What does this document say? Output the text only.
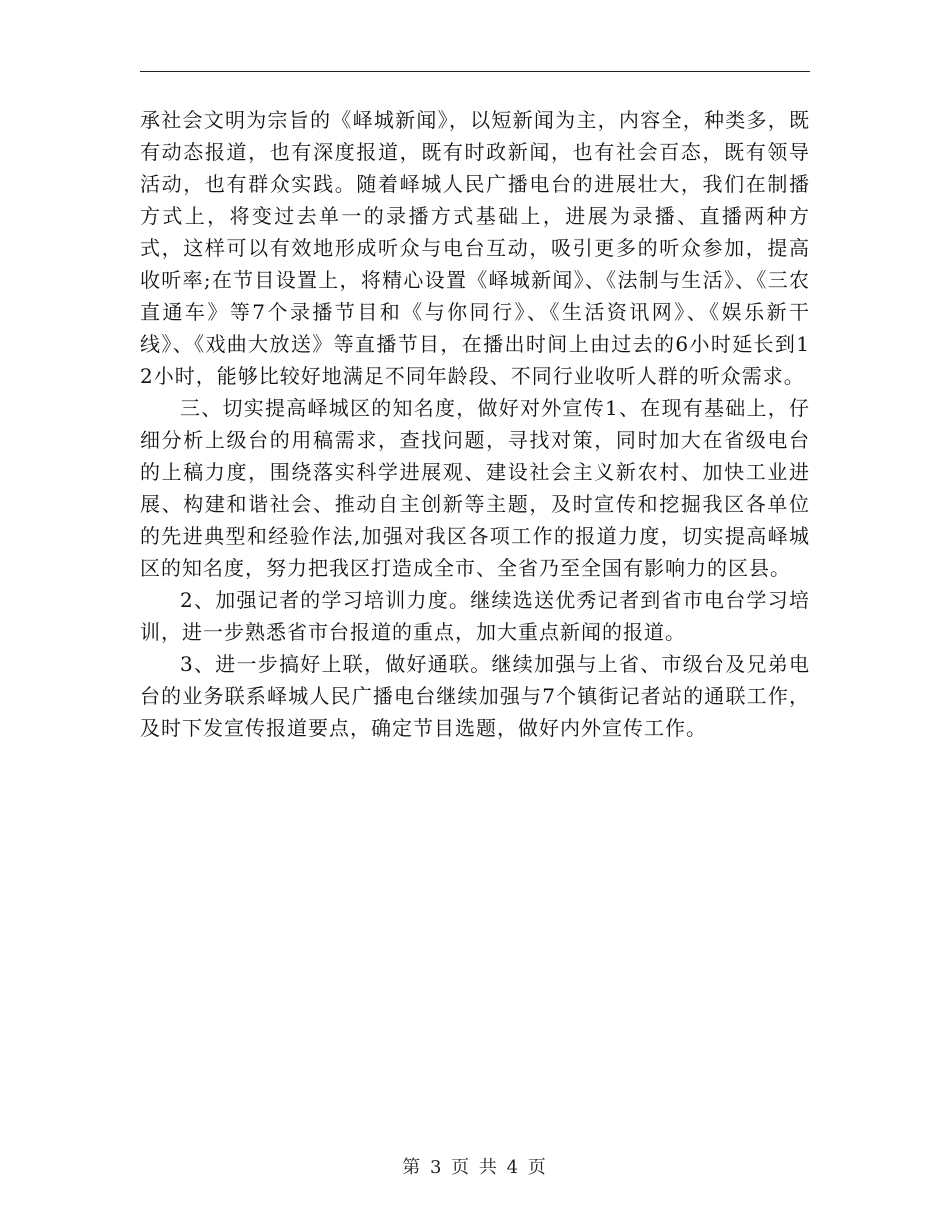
承社会文明为宗旨的《峄城新闻》，以短新闻为主，内容全，种类多，既有动态报道，也有深度报道，既有时政新闻，也有社会百态，既有领导活动，也有群众实践。随着峄城人民广播电台的进展壮大，我们在制播方式上，将变过去单一的录播方式基础上，进展为录播、直播两种方式，这样可以有效地形成听众与电台互动，吸引更多的听众参加，提高收听率;在节目设置上，将精心设置《峄城新闻》、《法制与生活》、《三农直通车》等7个录播节目和《与你同行》、《生活资讯网》、《娱乐新干线》、《戏曲大放送》等直播节目，在播出时间上由过去的6小时延长到12小时，能够比较好地满足不同年龄段、不同行业收听人群的听众需求。

三、切实提高峄城区的知名度，做好对外宣传1、在现有基础上，仔细分析上级台的用稿需求，查找问题，寻找对策，同时加大在省级电台的上稿力度，围绕落实科学进展观、建设社会主义新农村、加快工业进展、构建和谐社会、推动自主创新等主题，及时宣传和挖掘我区各单位的先进典型和经验作法,加强对我区各项工作的报道力度，切实提高峄城区的知名度，努力把我区打造成全市、全省乃至全国有影响力的区县。

2、加强记者的学习培训力度。继续选送优秀记者到省市电台学习培训，进一步熟悉省市台报道的重点，加大重点新闻的报道。

3、进一步搞好上联，做好通联。继续加强与上省、市级台及兄弟电台的业务联系峄城人民广播电台继续加强与7个镇街记者站的通联工作，及时下发宣传报道要点，确定节目选题，做好内外宣传工作。

第 3 页 共 4 页
